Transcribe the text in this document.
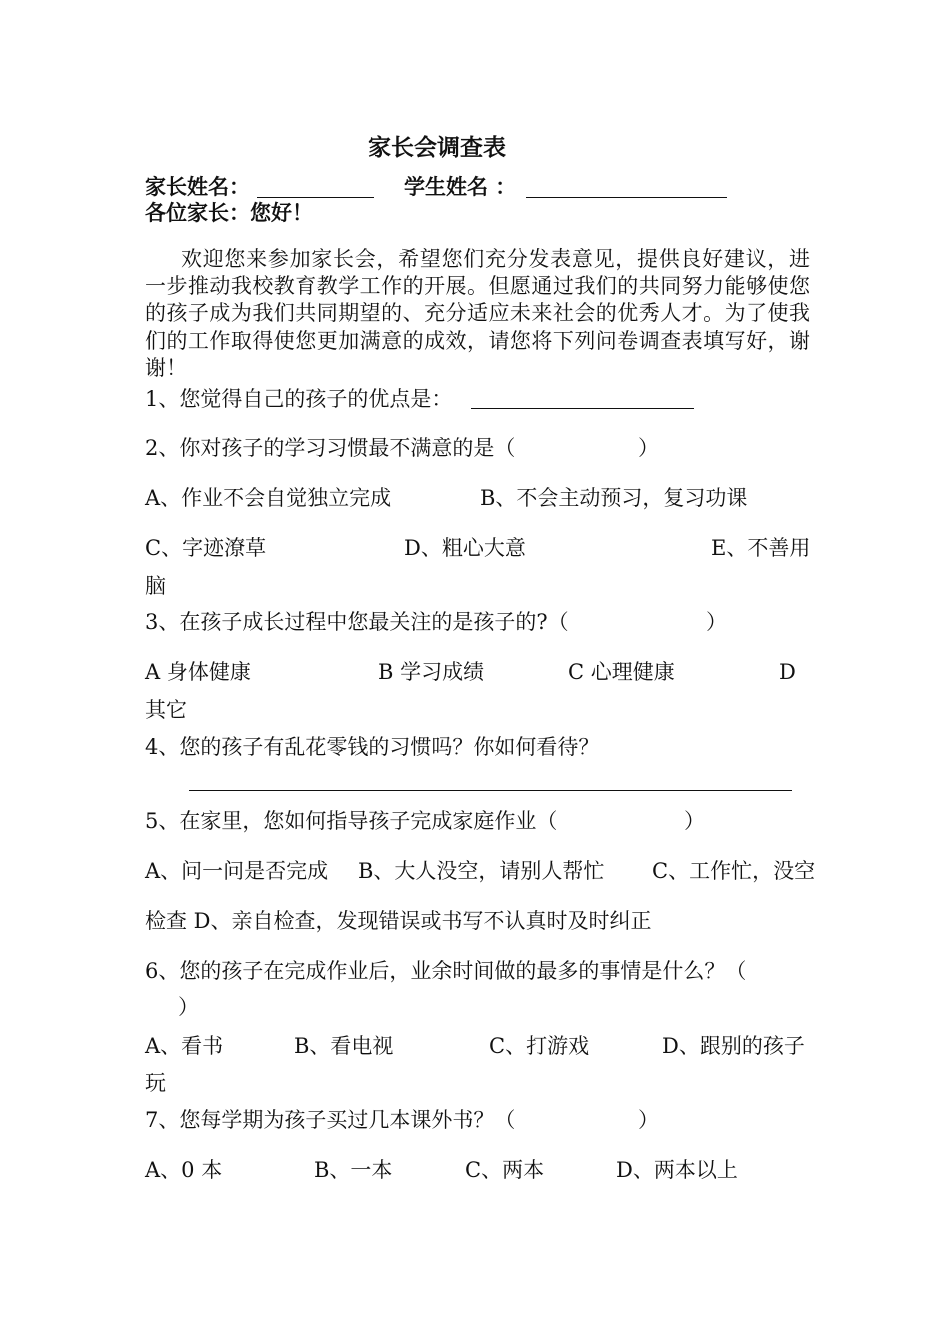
家长会调查表
家长姓名：	学生姓名 ：
各位家长：您好！
欢迎您来参加家长会，希望您们充分发表意见，提供良好建议，进一步推动我校教育教学工作的开展。但愿通过我们的共同努力能够使您的孩子成为我们共同期望的、充分适应未来社会的优秀人才。为了使我们的工作取得使您更加满意的成效，请您将下列问卷调查表填写好，谢谢！
1、您觉得自己的孩子的优点是：
2、你对孩子的学习习惯最不满意的是（	）
A、作业不会自觉独立完成	B、不会主动预习，复习功课
C、字迹潦草	D、粗心大意	E、不善用
脑
3、在孩子成长过程中您最关注的是孩子的?（	）
A 身体健康	B 学习成绩	C 心理健康	D
其它
4、您的孩子有乱花零钱的习惯吗？你如何看待？
5、在家里，您如何指导孩子完成家庭作业（	）
A、问一问是否完成 B、大人没空，请别人帮忙 C、工作忙，没空
检查 D、亲自检查，发现错误或书写不认真时及时纠正
6、您的孩子在完成作业后，业余时间做的最多的事情是什么？（
）
A、看书	B、看电视	C、打游戏	D、跟别的孩子
玩
7、您每学期为孩子买过几本课外书？（	）
A、0 本	B、一本	C、两本	D、两本以上
